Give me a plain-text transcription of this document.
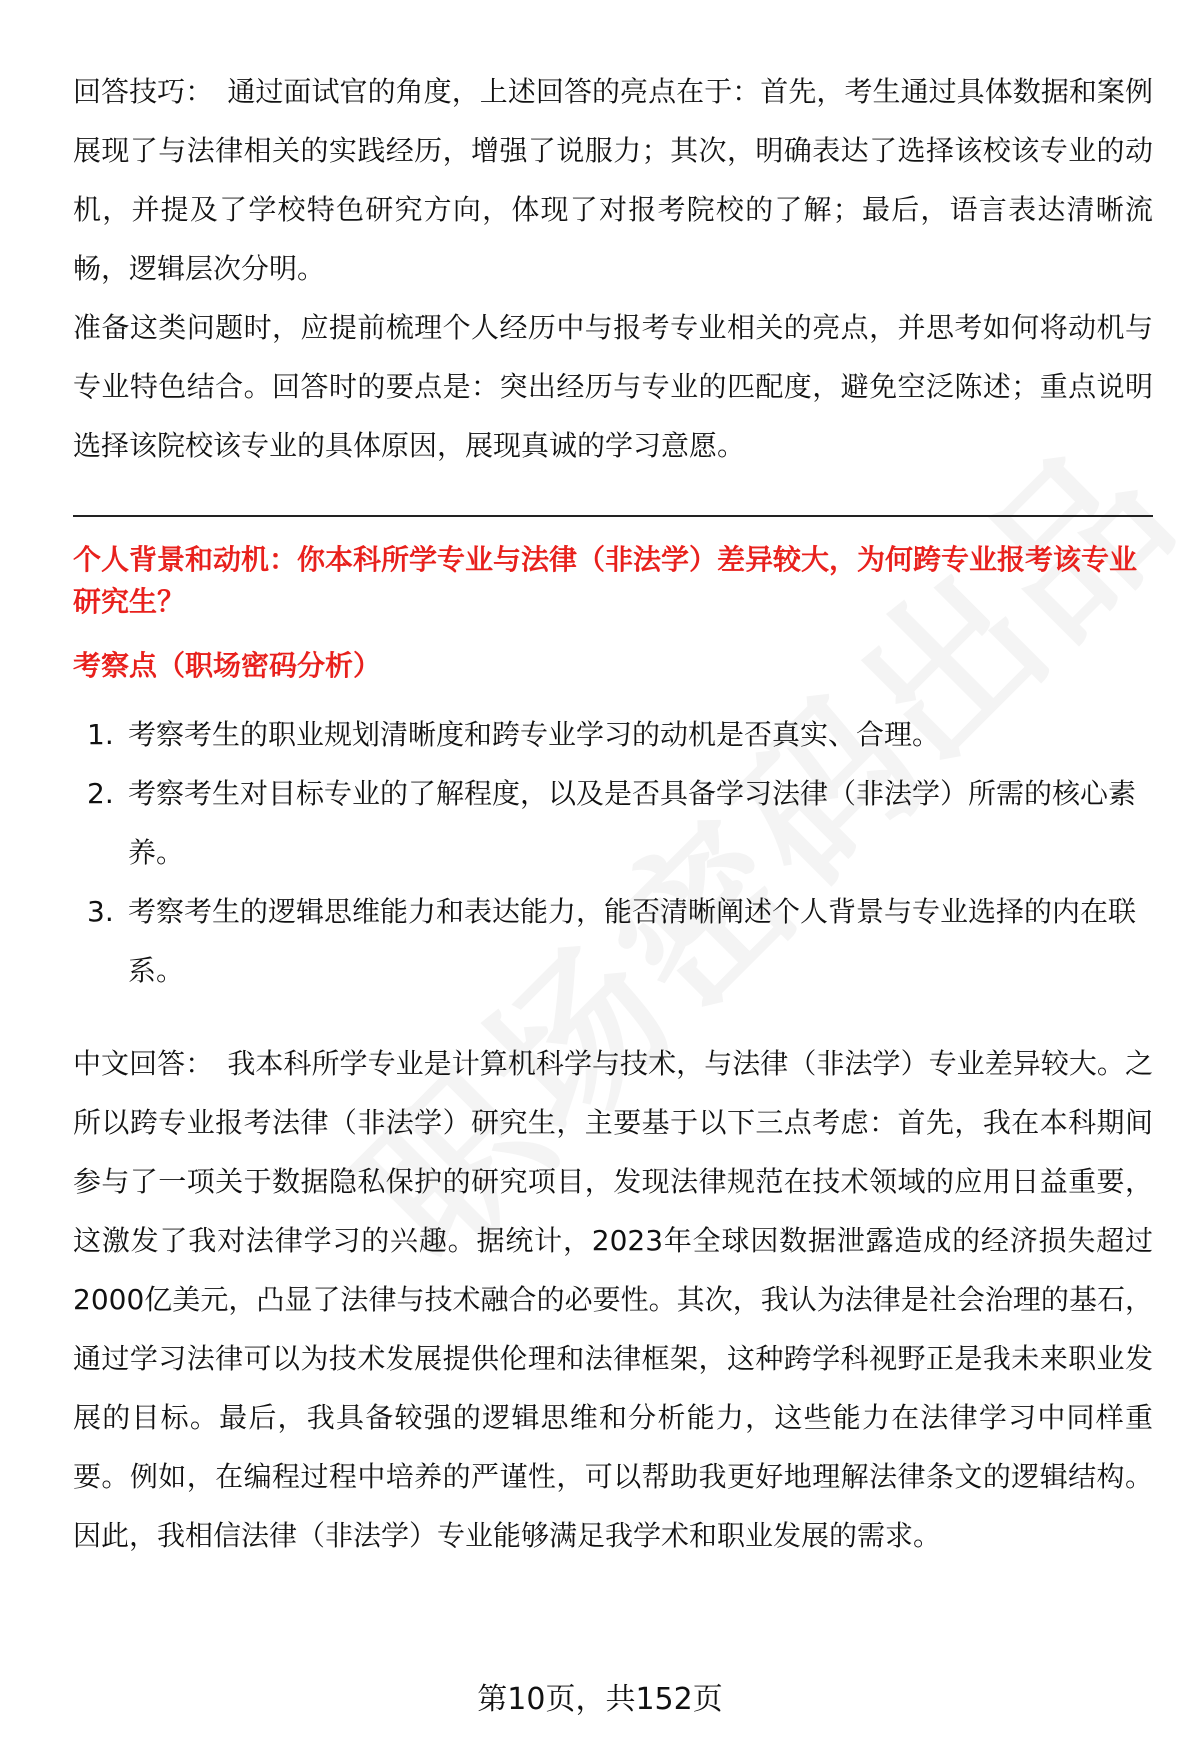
回答技巧：  通过面试官的角度，上述回答的亮点在于：首先，考生通过具体数据和案例展现了与法律相关的实践经历，增强了说服力；其次，明确表达了选择该校该专业的动机，并提及了学校特色研究方向，体现了对报考院校的了解；最后，语言表达清晰流畅，逻辑层次分明。

准备这类问题时，应提前梳理个人经历中与报考专业相关的亮点，并思考如何将动机与专业特色结合。回答时的要点是：突出经历与专业的匹配度，避免空泛陈述；重点说明选择该院校该专业的具体原因，展现真诚的学习意愿。

个人背景和动机：你本科所学专业与法律（非法学）差异较大，为何跨专业报考该专业研究生？
考察点（职场密码分析）
1. 考察考生的职业规划清晰度和跨专业学习的动机是否真实、合理。
2. 考察考生对目标专业的了解程度，以及是否具备学习法律（非法学）所需的核心素养。
3. 考察考生的逻辑思维能力和表达能力，能否清晰阐述个人背景与专业选择的内在联系。

中文回答：  我本科所学专业是计算机科学与技术，与法律（非法学）专业差异较大。之所以跨专业报考法律（非法学）研究生，主要基于以下三点考虑：首先，我在本科期间参与了一项关于数据隐私保护的研究项目，发现法律规范在技术领域的应用日益重要，这激发了我对法律学习的兴趣。据统计，2023年全球因数据泄露造成的经济损失超过2000亿美元，凸显了法律与技术融合的必要性。其次，我认为法律是社会治理的基石，通过学习法律可以为技术发展提供伦理和法律框架，这种跨学科视野正是我未来职业发展的目标。最后，我具备较强的逻辑思维和分析能力，这些能力在法律学习中同样重要。例如，在编程过程中培养的严谨性，可以帮助我更好地理解法律条文的逻辑结构。因此，我相信法律（非法学）专业能够满足我学术和职业发展的需求。

第10页，共152页
